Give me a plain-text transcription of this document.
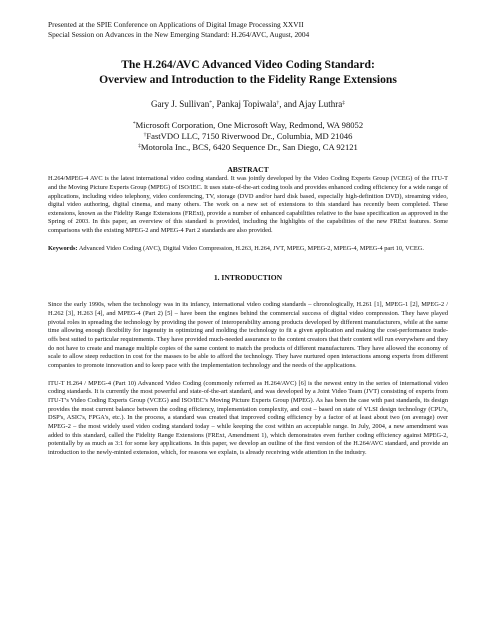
Presented at the SPIE Conference on Applications of Digital Image Processing XXVII
Special Session on Advances in the New Emerging Standard: H.264/AVC, August, 2004
The H.264/AVC Advanced Video Coding Standard:
Overview and Introduction to the Fidelity Range Extensions
Gary J. Sullivan*, Pankaj Topiwala†, and Ajay Luthra‡
*Microsoft Corporation, One Microsoft Way, Redmond, WA 98052
†FastVDO LLC, 7150 Riverwood Dr., Columbia, MD 21046
‡Motorola Inc., BCS, 6420 Sequence Dr., San Diego, CA 92121
ABSTRACT
H.264/MPEG-4 AVC is the latest international video coding standard. It was jointly developed by the Video Coding Experts Group (VCEG) of the ITU-T and the Moving Picture Experts Group (MPEG) of ISO/IEC. It uses state-of-the-art coding tools and provides enhanced coding efficiency for a wide range of applications, including video telephony, video conferencing, TV, storage (DVD and/or hard disk based, especially high-definition DVD), streaming video, digital video authoring, digital cinema, and many others. The work on a new set of extensions to this standard has recently been completed. These extensions, known as the Fidelity Range Extensions (FRExt), provide a number of enhanced capabilities relative to the base specification as approved in the Spring of 2003. In this paper, an overview of this standard is provided, including the highlights of the capabilities of the new FRExt features. Some comparisons with the existing MPEG-2 and MPEG-4 Part 2 standards are also provided.
Keywords: Advanced Video Coding (AVC), Digital Video Compression, H.263, H.264, JVT, MPEG, MPEG-2, MPEG-4, MPEG-4 part 10, VCEG.
1. INTRODUCTION
Since the early 1990s, when the technology was in its infancy, international video coding standards – chronologically, H.261 [1], MPEG-1 [2], MPEG-2 / H.262 [3], H.263 [4], and MPEG-4 (Part 2) [5] – have been the engines behind the commercial success of digital video compression. They have played pivotal roles in spreading the technology by providing the power of interoperability among products developed by different manufacturers, while at the same time allowing enough flexibility for ingenuity in optimizing and molding the technology to fit a given application and making the cost-performance trade-offs best suited to particular requirements. They have provided much-needed assurance to the content creators that their content will run everywhere and they do not have to create and manage multiple copies of the same content to match the products of different manufacturers. They have allowed the economy of scale to allow steep reduction in cost for the masses to be able to afford the technology. They have nurtured open interactions among experts from different companies to promote innovation and to keep pace with the implementation technology and the needs of the applications.
ITU-T H.264 / MPEG-4 (Part 10) Advanced Video Coding (commonly referred as H.264/AVC) [6] is the newest entry in the series of international video coding standards. It is currently the most powerful and state-of-the-art standard, and was developed by a Joint Video Team (JVT) consisting of experts from ITU-T’s Video Coding Experts Group (VCEG) and ISO/IEC’s Moving Picture Experts Group (MPEG). As has been the case with past standards, its design provides the most current balance between the coding efficiency, implementation complexity, and cost – based on state of VLSI design technology (CPU's, DSP's, ASIC's, FPGA's, etc.). In the process, a standard was created that improved coding efficiency by a factor of at least about two (on average) over MPEG-2 – the most widely used video coding standard today – while keeping the cost within an acceptable range. In July, 2004, a new amendment was added to this standard, called the Fidelity Range Extensions (FRExt, Amendment 1), which demonstrates even further coding efficiency against MPEG-2, potentially by as much as 3:1 for some key applications. In this paper, we develop an outline of the first version of the H.264/AVC standard, and provide an introduction to the newly-minted extension, which, for reasons we explain, is already receiving wide attention in the industry.
